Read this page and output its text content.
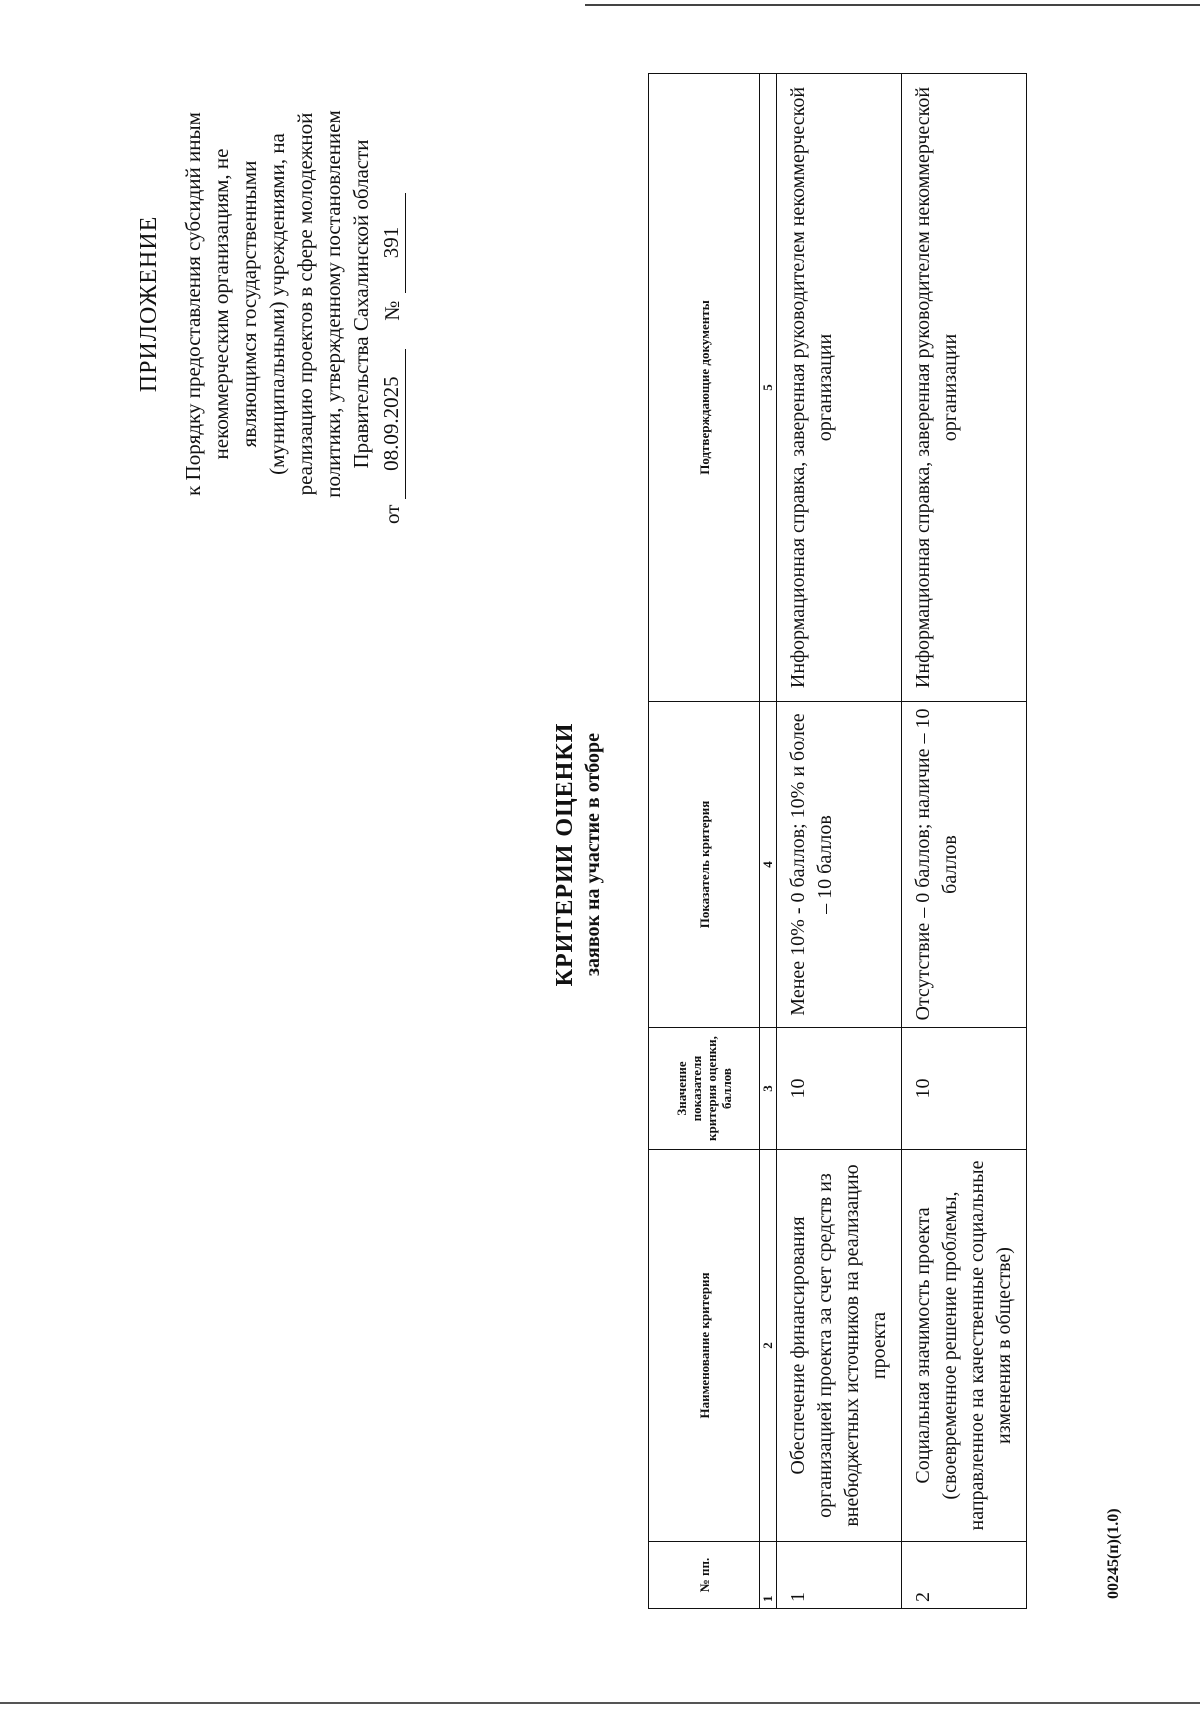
ПРИЛОЖЕНИЕ к Порядку предоставления субсидий иным некоммерческим организациям, не являющимся государственными (муниципальными) учреждениями, на реализацию проектов в сфере молодежной политики, утвержденному постановлением Правительства Сахалинской области
от
08.09.2025
№
391
КРИТЕРИИ ОЦЕНКИ заявок на участие в отборе
№ пп.	Наименование критерия	Значение показателя критерия оценки, баллов	Показатель критерия	Подтверждающие документы
1	2	3	4	5
1	Обеспечение финансирования организацией проекта за счет средств из внебюджетных источников на реализацию проекта	10	Менее 10% - 0 баллов; 10% и более – 10 баллов	Информационная справка, заверенная руководителем некоммерческой организации
2	Социальная значимость проекта (своевременное решение проблемы, направленное на качественные социальные изменения в обществе)	10	Отсутствие – 0 баллов; наличие – 10 баллов	Информационная справка, заверенная руководителем некоммерческой организации
00245(п)(1.0)
